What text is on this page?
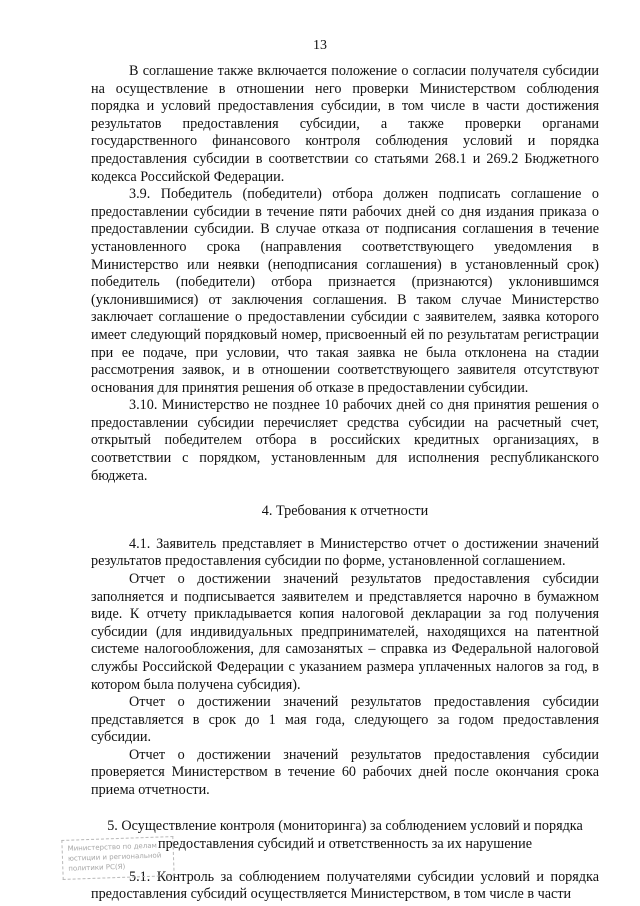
13

В соглашение также включается положение о согласии получателя субсидии на осуществление в отношении него проверки Министерством соблюдения порядка и условий предоставления субсидии, в том числе в части достижения результатов предоставления субсидии, а также проверки органами государственного финансового контроля соблюдения условий и порядка предоставления субсидии в соответствии со статьями 268.1 и 269.2 Бюджетного кодекса Российской Федерации.

3.9. Победитель (победители) отбора должен подписать соглашение о предоставлении субсидии в течение пяти рабочих дней со дня издания приказа о предоставлении субсидии. В случае отказа от подписания соглашения в течение установленного срока (направления соответствующего уведомления в Министерство или неявки (неподписания соглашения) в установленный срок) победитель (победители) отбора признается (признаются) уклонившимся (уклонившимися) от заключения соглашения. В таком случае Министерство заключает соглашение о предоставлении субсидии с заявителем, заявка которого имеет следующий порядковый номер, присвоенный ей по результатам регистрации при ее подаче, при условии, что такая заявка не была отклонена на стадии рассмотрения заявок, и в отношении соответствующего заявителя отсутствуют основания для принятия решения об отказе в предоставлении субсидии.

3.10. Министерство не позднее 10 рабочих дней со дня принятия решения о предоставлении субсидии перечисляет средства субсидии на расчетный счет, открытый победителем отбора в российских кредитных организациях, в соответствии с порядком, установленным для исполнения республиканского бюджета.

4. Требования к отчетности

4.1. Заявитель представляет в Министерство отчет о достижении значений результатов предоставления субсидии по форме, установленной соглашением.

Отчет о достижении значений результатов предоставления субсидии заполняется и подписывается заявителем и представляется нарочно в бумажном виде. К отчету прикладывается копия налоговой декларации за год получения субсидии (для индивидуальных предпринимателей, находящихся на патентной системе налогообложения, для самозанятых – справка из Федеральной налоговой службы Российской Федерации с указанием размера уплаченных налогов за год, в котором была получена субсидия).

Отчет о достижении значений результатов предоставления субсидии представляется в срок до 1 мая года, следующего за годом предоставления субсидии.

Отчет о достижении значений результатов предоставления субсидии проверяется Министерством в течение 60 рабочих дней после окончания срока приема отчетности.

5. Осуществление контроля (мониторинга) за соблюдением условий и порядка
предоставления субсидий и ответственность за их нарушение

5.1. Контроль за соблюдением получателями субсидии условий и порядка предоставления субсидий осуществляется Министерством, в том числе в части

Министерство по делам
юстиции и региональной
политики РС(Я)
